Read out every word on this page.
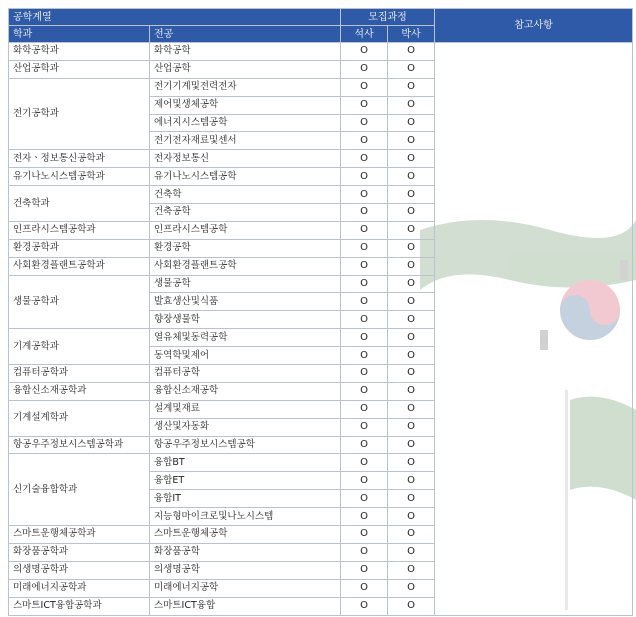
공학계열		모집과정		참고사항
학과	전공	석사	박사	
화학공학과	화학공학	O	O	
산업공학과	산업공학	O	O	
전기공학과	전기기계및전력전자	O	O	
	제어및생체공학	O	O	
	에너지시스템공학	O	O	
	전기전자재료및센서	O	O	
전자ㆍ정보통신공학과	전자정보통신	O	O	
유기나노시스템공학과	유기나노시스템공학	O	O	
건축학과	건축학	O	O	
	건축공학	O	O	
인프라시스템공학과	인프라시스템공학	O	O	
환경공학과	환경공학	O	O	
사회환경플랜트공학과	사회환경플랜트공학	O	O	
생물공학과	생물공학	O	O	
	발효생산및식품	O	O	
	향장생물학	O	O	
기계공학과	열유체및동력공학	O	O	
	동역학및제어	O	O	
컴퓨터공학과	컴퓨터공학	O	O	
융합신소재공학과	융합신소재공학	O	O	
기계설계학과	설계및재료	O	O	
	생산및자동화	O	O	
항공우주정보시스템공학과	항공우주정보시스템공학	O	O	
신기술융합학과	융합BT	O	O	
	융합ET	O	O	
	융합IT	O	O	
	지능형마이크로및나노시스템	O	O	
스마트운행체공학과	스마트운행체공학	O	O	
화장품공학과	화장품공학	O	O	
의생명공학과	의생명공학	O	O	
미래에너지공학과	미래에너지공학	O	O	
스마트ICT융합공학과	스마트ICT융합	O	O	
